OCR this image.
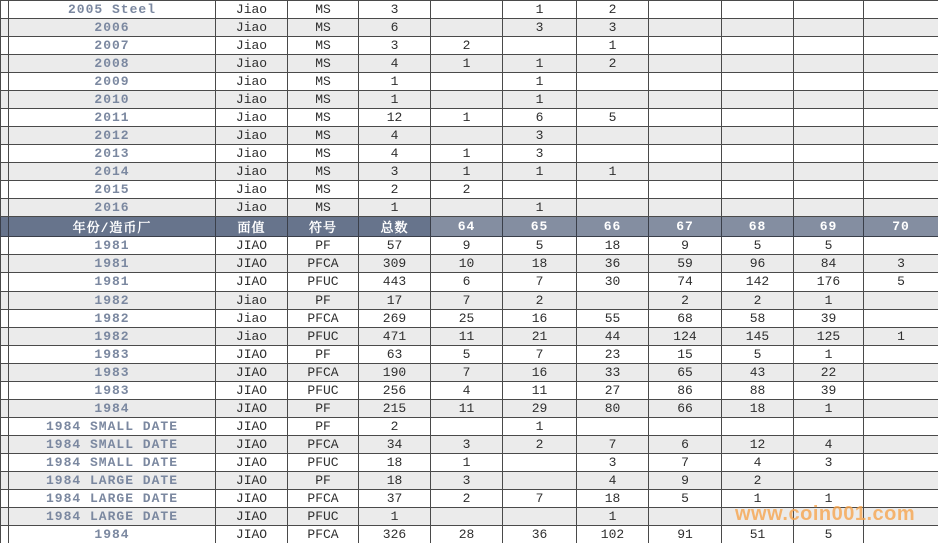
	2005 Steel	Jiao	MS	3		1	2				
	2006	Jiao	MS	6		3	3				
	2007	Jiao	MS	3	2		1				
	2008	Jiao	MS	4	1	1	2				
	2009	Jiao	MS	1		1					
	2010	Jiao	MS	1		1					
	2011	Jiao	MS	12	1	6	5				
	2012	Jiao	MS	4		3					
	2013	Jiao	MS	4	1	3					
	2014	Jiao	MS	3	1	1	1				
	2015	Jiao	MS	2	2						
	2016	Jiao	MS	1		1					
	年份/造币厂	面值	符号	总数	64	65	66	67	68	69	70
	1981	JIAO	PF	57	9	5	18	9	5	5	
	1981	JIAO	PFCA	309	10	18	36	59	96	84	3
	1981	JIAO	PFUC	443	6	7	30	74	142	176	5
	1982	Jiao	PF	17	7	2		2	2	1	
	1982	Jiao	PFCA	269	25	16	55	68	58	39	
	1982	Jiao	PFUC	471	11	21	44	124	145	125	1
	1983	JIAO	PF	63	5	7	23	15	5	1	
	1983	JIAO	PFCA	190	7	16	33	65	43	22	
	1983	JIAO	PFUC	256	4	11	27	86	88	39	
	1984	JIAO	PF	215	11	29	80	66	18	1	
	1984 SMALL DATE	JIAO	PF	2		1					
	1984 SMALL DATE	JIAO	PFCA	34	3	2	7	6	12	4	
	1984 SMALL DATE	JIAO	PFUC	18	1		3	7	4	3	
	1984 LARGE DATE	JIAO	PF	18	3		4	9	2		
	1984 LARGE DATE	JIAO	PFCA	37	2	7	18	5	1	1	
	1984 LARGE DATE	JIAO	PFUC	1			1				
	1984	JIAO	PFCA	326	28	36	102	91	51	5	
www.coin001.com
